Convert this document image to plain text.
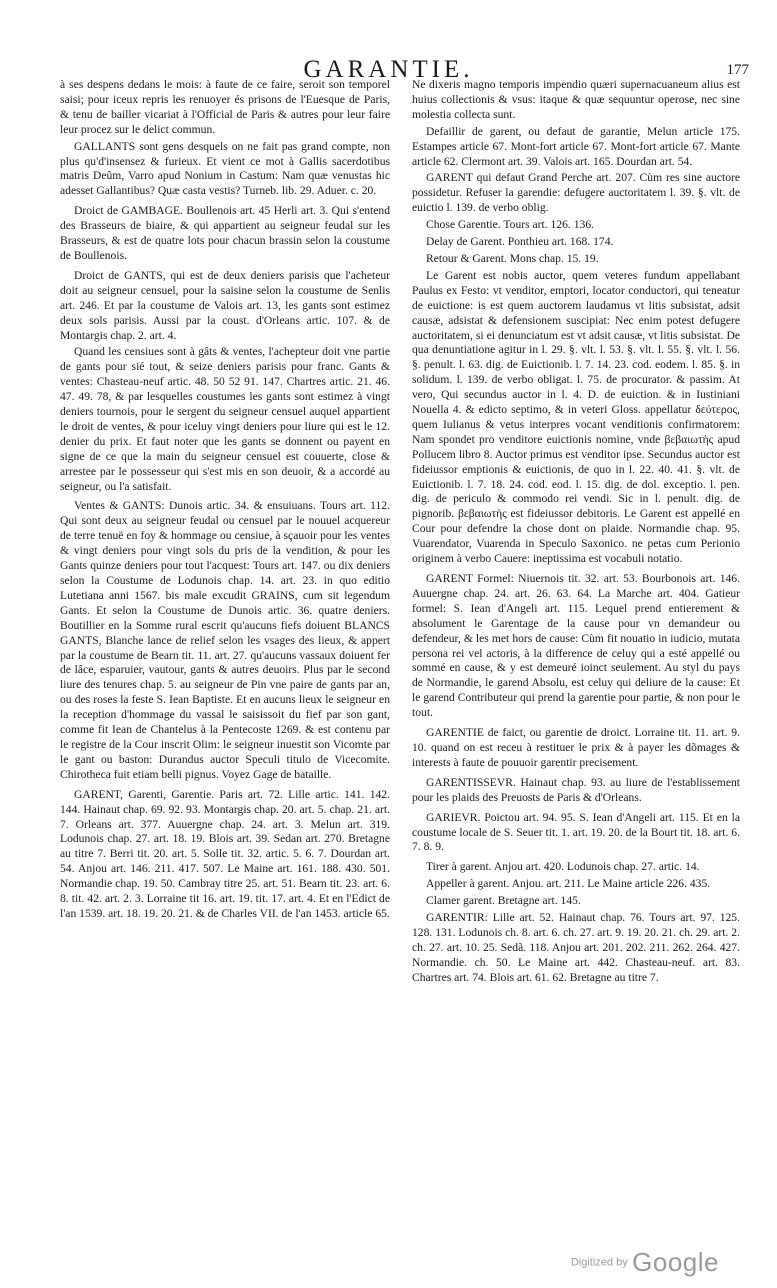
GARANTIE.	177

à ses despens dedans le mois: à faute de ce faire, seroit son temporel saisi; pour iceux repris les renuoyer és prisons de l'Euesque de Paris, & tenu de bailler vicariat à l'Official de Paris & autres pour leur faire leur procez sur le delict commun.

GALLANTS sont gens desquels on ne fait pas grand compte, non plus qu'd'insensez & furieux. Et vient ce mot à Gallis sacerdotibus matris Deûm, Varro apud Nonium in Castum: Nam quæ venustas hic adesset Gallantibus? Quæ casta vestis? Turneb. lib. 29. Aduer. c. 20.

Droict de GAMBAGE. Boullenois art. 45 Herli art. 3. Qui s'entend des Brasseurs de biaire, & qui appartient au seigneur feudal sur les Brasseurs, & est de quatre lots pour chacun brassin selon la coustume de Boullenois.

Droict de GANTS, qui est de deux deniers parisis que l'acheteur doit au seigneur censuel, pour la saisine selon la coustume de Senlis art. 246. Et par la coustume de Valois art. 13, les gants sont estimez deux sols parisis. Aussi par la coust. d'Orleans artic. 107. & de Montargis chap. 2. art. 4.

Quand les censiues sont à gâts & ventes, l'achepteur doit vne partie de gants pour sié tout, & seize deniers parisis pour franc. Gants & ventes: Chasteau-neuf artic. 48. 50 52 91. 147. Chartres artic. 21. 46. 47. 49. 78, & par lesquelles coustumes les gants sont estimez à vingt deniers tournois, pour le sergent du seigneur censuel auquel appartient le droit de ventes, & pour iceluy vingt deniers pour liure qui est le 12. denier du prix. Et faut noter que les gants se donnent ou payent en signe de ce que la main du seigneur censuel est couuerte, close & arrestee par le possesseur qui s'est mis en son deuoir, & a accordé au seigneur, ou l'a satisfait.

Ventes & GANTS: Dunois artic. 34. & ensuiuans. Tours art. 112. Qui sont deux au seigneur feudal ou censuel par le nouuel acquereur de terre tenuë en foy & hommage ou censiue, à sçauoir pour les ventes & vingt deniers pour vingt sols du pris de la vendition, & pour les Gants quinze deniers pour tout l'acquest: Tours art. 147. ou dix deniers selon la Coustume de Lodunois chap. 14. art. 23. in quo editio Lutetiana anni 1567. bis male excudit GRAINS, cum sit legendum Gants. Et selon la Coustume de Dunois artic. 36. quatre deniers. Boutillier en la Somme rural escrit qu'aucuns fiefs doiuent BLANCS GANTS, Blanche lance de relief selon les vsages des lieux, & appert par la coustume de Bearn tit. 11. art. 27. qu'aucuns vassaux doiuent fer de lâce, esparuier, vautour, gants & autres deuoirs. Plus par le second liure des tenures chap. 5. au seigneur de Pin vne paire de gants par an, ou des roses la feste S. Iean Baptiste. Et en aucuns lieux le seigneur en la reception d'hommage du vassal le saisissoit du fief par son gant, comme fit Iean de Chantelus à la Pentecoste 1269. & est contenu par le registre de la Cour inscrit Olim: le seigneur inuestit son Vicomte par le gant ou baston: Durandus auctor Speculi titulo de Vicecomite. Chirotheca fuit etiam belli pignus. Voyez Gage de bataille.

GARENT, Garenti, Garentie. Paris art. 72. Lille artic. 141. 142. 144. Hainaut chap. 69. 92. 93. Montargis chap. 20. art. 5. chap. 21. art. 7. Orleans art. 377. Auuergne chap. 24. art. 3. Melun art. 319. Lodunois chap. 27. art. 18. 19. Blois art. 39. Sedan art. 270. Bretagne au titre 7. Berri tit. 20. art. 5. Solle tit. 32. artic. 5. 6. 7. Dourdan art. 54. Anjou art. 146. 211. 417. 507. Le Maine art. 161. 188. 430. 501. Normandie chap. 19. 50. Cambray titre 25. art. 51. Bearn tit. 23. art. 6. 8. tit. 42. art. 2. 3. Lorraine tit 16. art. 19. tit. 17. art. 4. Et en l'Edict de l'an 1539. art. 18. 19. 20. 21. & de Charles VII. de l'an 1453. article 65.

Ne dixeris magno temporis impendio quæri supernacuaneum alius est huius collectionis & vsus: itaque & quæ sequuntur operose, nec sine molestia collecta sunt.

Defaillir de garent, ou defaut de garantie, Melun article 175. Estampes article 67. Mont-fort article 67. Mont-fort article 67. Mante article 62. Clermont art. 39. Valois art. 165. Dourdan art. 54.

GARENT qui defaut Grand Perche art. 207. Cùm res sine auctore possidetur. Refuser la garendie: defugere auctoritatem l. 39. §. vlt. de euictio l. 139. de verbo oblig.

Chose Garentie. Tours art. 126. 136.

Delay de Garent. Ponthieu art. 168. 174.

Retour & Garent. Mons chap. 15. 19.

Le Garent est nobis auctor, quem veteres fundum appellabant Paulus ex Festo: vt venditor, emptori, locator conductori, qui teneatur de euictione: is est quem auctorem laudamus vt litis subsistat, adsit causæ, adsistat & defensionem suscipiat: Nec enim potest defugere auctoritatem, si ei denunciatum est vt adsit causæ, vt litis subsistat. De qua denuntiatione agitur in l. 29. §. vlt. l. 53. §. vlt. l. 55. §. vlt. l. 56. §. penult. l. 63. dig. de Euictionib. l. 7. 14. 23. cod. eodem. l. 85. §. in solidum. l. 139. de verbo obligat. l. 75. de procurator. & passim. At vero, Qui secundus auctor in l. 4. D. de euiction. & in Iustiniani Nouella 4. & edicto septimo, & in veteri Gloss. appellatur δεύτερος, quem Iulianus & vetus interpres vocant venditionis confirmatorem: Nam spondet pro venditore euictionis nomine, vnde βεβαιωτὴς apud Pollucem libro 8. Auctor primus est venditor ipse. Secundus auctor est fideiussor emptionis & euictionis, de quo in l. 22. 40. 41. §. vlt. de Euictionib. l. 7. 18. 24. cod. eod. l. 15. dig. de dol. exceptio. l. pen. dig. de periculo & commodo rei vendi. Sic in l. penult. dig. de pignorib. βεβαιωτὴς est fideiussor debitoris. Le Garent est appellé en Cour pour defendre la chose dont on plaide. Normandie chap. 95. Vuarendator, Vuarenda in Speculo Saxonico. ne petas cum Perionio originem à verbo Cauere: ineptissima est vocabuli notatio.

GARENT Formel: Niuernois tit. 32. art. 53. Bourbonois art. 146. Auuergne chap. 24. art. 26. 63. 64. La Marche art. 404. Gatieur formel: S. Iean d'Angeli art. 115. Lequel prend entierement & absolument le Garentage de la cause pour vn demandeur ou defendeur, & les met hors de cause: Cùm fit nouatio in iudicio, mutata persona rei vel actoris, à la difference de celuy qui a esté appellé ou sommé en cause, & y est demeuré ioinct seulement. Au styl du pays de Normandie, le garend Absolu, est celuy qui deliure de la cause: Et le garend Contributeur qui prend la garentie pour partie, & non pour le tout.

GARENTIE de faict, ou garentie de droict. Lorraine tit. 11. art. 9. 10. quand on est receu à restituer le prix & à payer les dõmages & interests à faute de pouuoir garentir precisement.

GARENTISSEVR. Hainaut chap. 93. au liure de l'establissement pour les plaids des Preuosts de Paris & d'Orleans.

GARIEVR. Poictou art. 94. 95. S. Iean d'Angeli art. 115. Et en la coustume locale de S. Seuer tit. 1. art. 19. 20. de la Bourt tit. 18. art. 6. 7. 8. 9.

Tirer à garent. Anjou art. 420. Lodunois chap. 27. artic. 14.

Appeller à garent. Anjou. art. 211. Le Maine article 226. 435.

Clamer garent. Bretagne art. 145.

GARENTIR: Lille art. 52. Hainaut chap. 76. Tours art. 97. 125. 128. 131. Lodunois ch. 8. art. 6. ch. 27. art. 9. 19. 20. 21. ch. 29. art. 2. ch. 27. art. 10. 25. Sedã. 118. Anjou art. 201. 202. 211. 262. 264. 427. Normandie. ch. 50. Le Maine art. 442. Chasteau-neuf. art. 83. Chartres art. 74. Blois art. 61. 62. Bretagne au titre 7.

Digitized by Google
